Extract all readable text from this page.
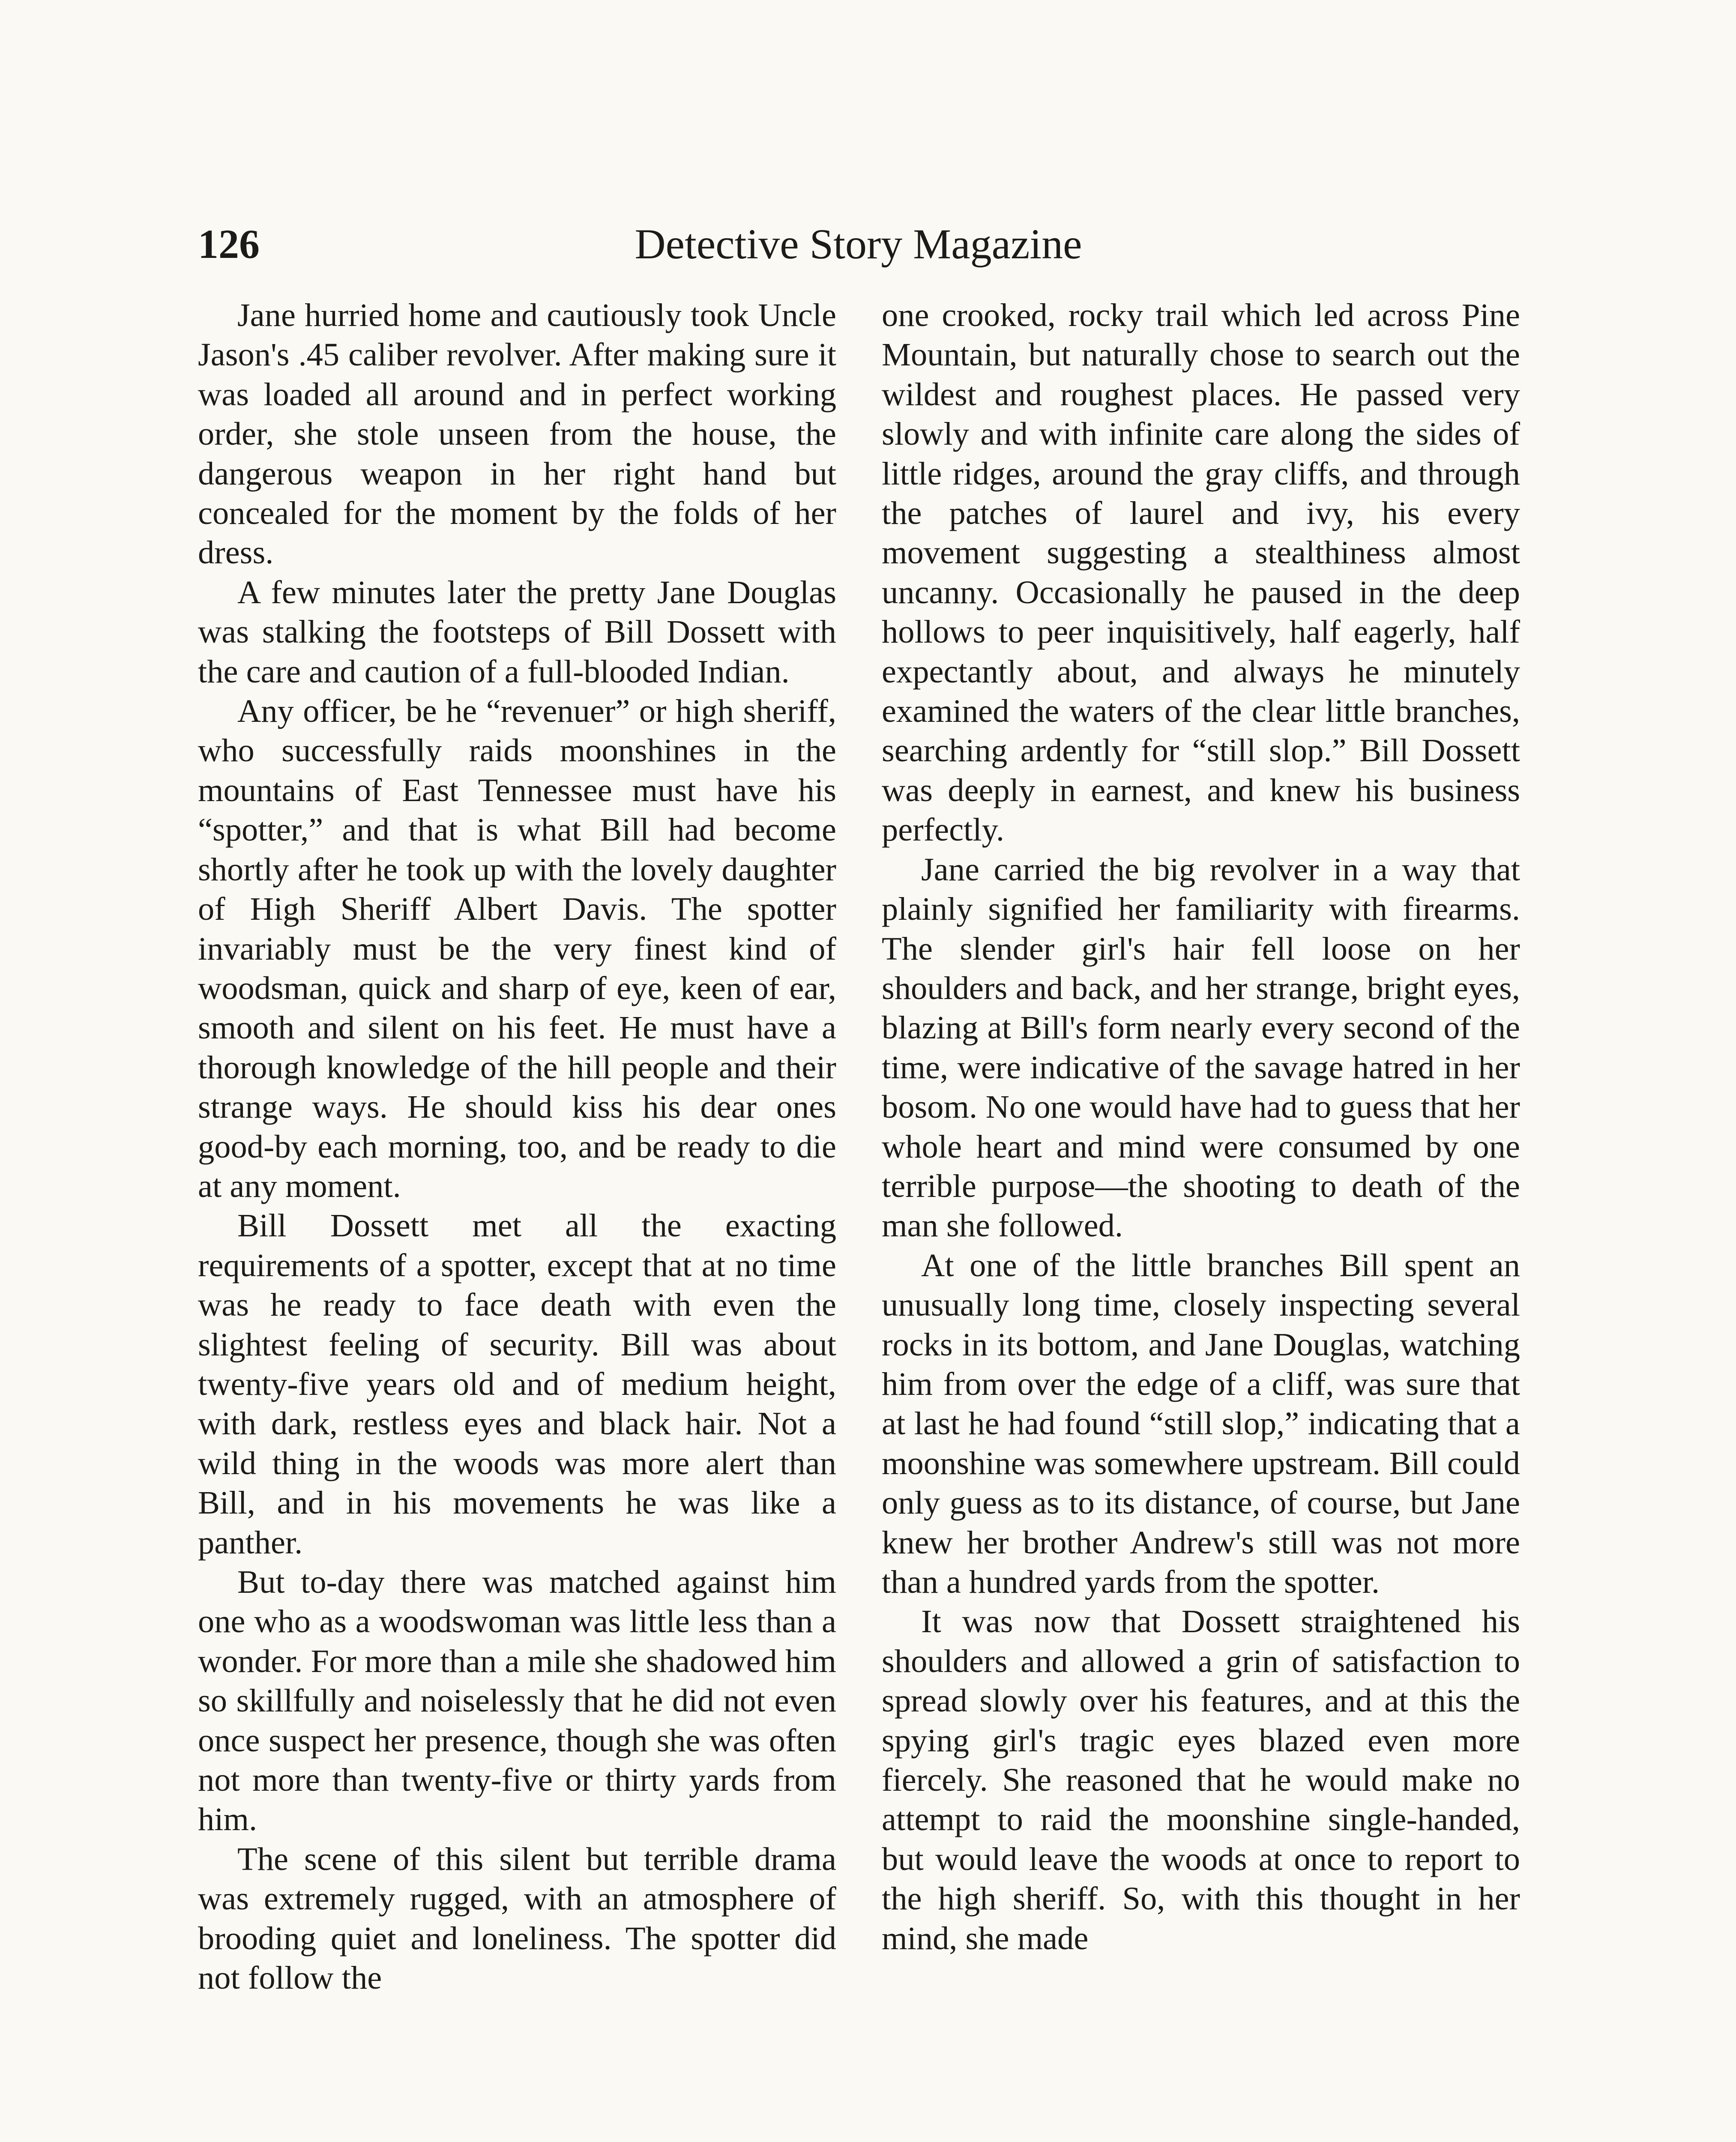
126	Detective Story Magazine

Jane hurried home and cautiously took Uncle Jason's .45 caliber revolver. After making sure it was loaded all around and in perfect working order, she stole unseen from the house, the dangerous weapon in her right hand but concealed for the moment by the folds of her dress.

A few minutes later the pretty Jane Douglas was stalking the footsteps of Bill Dossett with the care and caution of a full-blooded Indian.

Any officer, be he “revenuer” or high sheriff, who successfully raids moonshines in the mountains of East Tennessee must have his “spotter,” and that is what Bill had become shortly after he took up with the lovely daughter of High Sheriff Albert Davis. The spotter invariably must be the very finest kind of woodsman, quick and sharp of eye, keen of ear, smooth and silent on his feet. He must have a thorough knowledge of the hill people and their strange ways. He should kiss his dear ones good-by each morning, too, and be ready to die at any moment.

Bill Dossett met all the exacting requirements of a spotter, except that at no time was he ready to face death with even the slightest feeling of security. Bill was about twenty-five years old and of medium height, with dark, restless eyes and black hair. Not a wild thing in the woods was more alert than Bill, and in his movements he was like a panther.

But to-day there was matched against him one who as a woodswoman was little less than a wonder. For more than a mile she shadowed him so skillfully and noiselessly that he did not even once suspect her presence, though she was often not more than twenty-five or thirty yards from him.

The scene of this silent but terrible drama was extremely rugged, with an atmosphere of brooding quiet and loneliness. The spotter did not follow the

one crooked, rocky trail which led across Pine Mountain, but naturally chose to search out the wildest and roughest places. He passed very slowly and with infinite care along the sides of little ridges, around the gray cliffs, and through the patches of laurel and ivy, his every movement suggesting a stealthiness almost uncanny. Occasionally he paused in the deep hollows to peer inquisitively, half eagerly, half expectantly about, and always he minutely examined the waters of the clear little branches, searching ardently for “still slop.” Bill Dossett was deeply in earnest, and knew his business perfectly.

Jane carried the big revolver in a way that plainly signified her familiarity with firearms. The slender girl's hair fell loose on her shoulders and back, and her strange, bright eyes, blazing at Bill's form nearly every second of the time, were indicative of the savage hatred in her bosom. No one would have had to guess that her whole heart and mind were consumed by one terrible purpose—the shooting to death of the man she followed.

At one of the little branches Bill spent an unusually long time, closely inspecting several rocks in its bottom, and Jane Douglas, watching him from over the edge of a cliff, was sure that at last he had found “still slop,” indicating that a moonshine was somewhere upstream. Bill could only guess as to its distance, of course, but Jane knew her brother Andrew's still was not more than a hundred yards from the spotter.

It was now that Dossett straightened his shoulders and allowed a grin of satisfaction to spread slowly over his features, and at this the spying girl's tragic eyes blazed even more fiercely. She reasoned that he would make no attempt to raid the moonshine single-handed, but would leave the woods at once to report to the high sheriff. So, with this thought in her mind, she made
